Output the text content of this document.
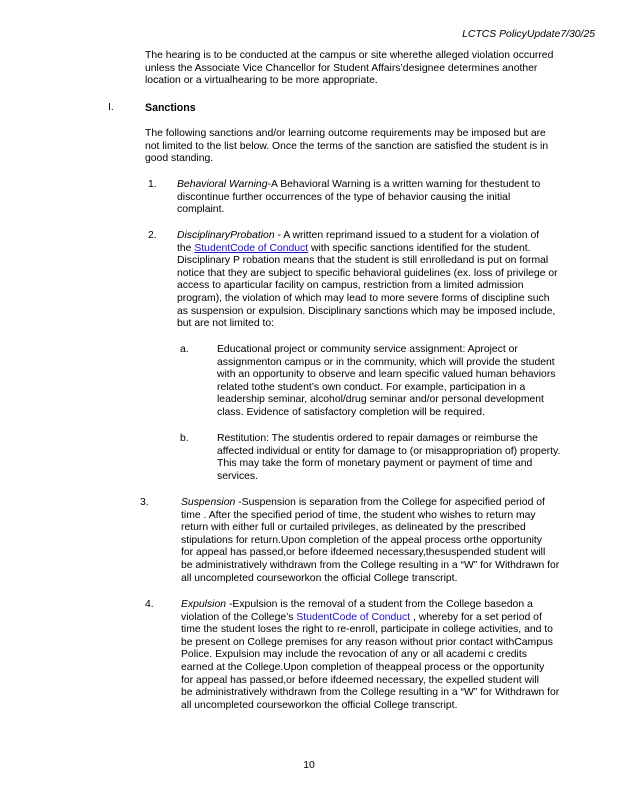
LCTCS PolicyUpdate7/30/25
The hearing is to be conducted at the campus or site wherethe alleged violation occurred
unless the Associate Vice Chancellor for Student Affairs’designee determines another
location or a virtualhearing to be more appropriate.
I.	Sanctions
The following sanctions and/or learning outcome requirements may be imposed but are
not limited to the list below. Once the terms of the sanction are satisfied the student is in
good standing.
1. Behavioral Warning-A Behavioral Warning is a written warning for thestudent to
discontinue further occurrences of the type of behavior causing the initial
complaint.
2. DisciplinaryProbation - A written reprimand issued to a student for a violation of
the StudentCode of Conduct with specific sanctions identified for the student.
Disciplinary P robation means that the student is still enrolledand is put on formal
notice that they are subject to specific behavioral guidelines (ex. loss of privilege or
access to aparticular facility on campus, restriction from a limited admission
program), the violation of which may lead to more severe forms of discipline such
as suspension or expulsion. Disciplinary sanctions which may be imposed include,
but are not limited to:
a.	Educational project or community service assignment: Aproject or
assignmenton campus or in the community, which will provide the student
with an opportunity to observe and learn specific valued human behaviors
related tothe student’s own conduct. For example, participation in a
leadership seminar, alcohol/drug seminar and/or personal development
class. Evidence of satisfactory completion will be required.
b.	Restitution: The studentis ordered to repair damages or reimburse the
affected individual or entity for damage to (or misappropriation of) property.
This may take the form of monetary payment or payment of time and
services.
3.	Suspension -Suspension is separation from the College for aspecified period of
time . After the specified period of time, the student who wishes to return may
return with either full or curtailed privileges, as delineated by the prescribed
stipulations for return.Upon completion of the appeal process orthe opportunity
for appeal has passed,or before ifdeemed necessary,thesuspended student will
be administratively withdrawn from the College resulting in a “W” for Withdrawn for
all uncompleted courseworkon the official College transcript.
4.	Expulsion -Expulsion is the removal of a student from the College basedon a
violation of the College’s StudentCode of Conduct , whereby for a set period of
time the student loses the right to re-enroll, participate in college activities, and to
be present on College premises for any reason without prior contact withCampus
Police. Expulsion may include the revocation of any or all academi c credits
earned at the College.Upon completion of theappeal process or the opportunity
for appeal has passed,or before ifdeemed necessary, the expelled student will
be administratively withdrawn from the College resulting in a “W” for Withdrawn for
all uncompleted courseworkon the official College transcript.
10
